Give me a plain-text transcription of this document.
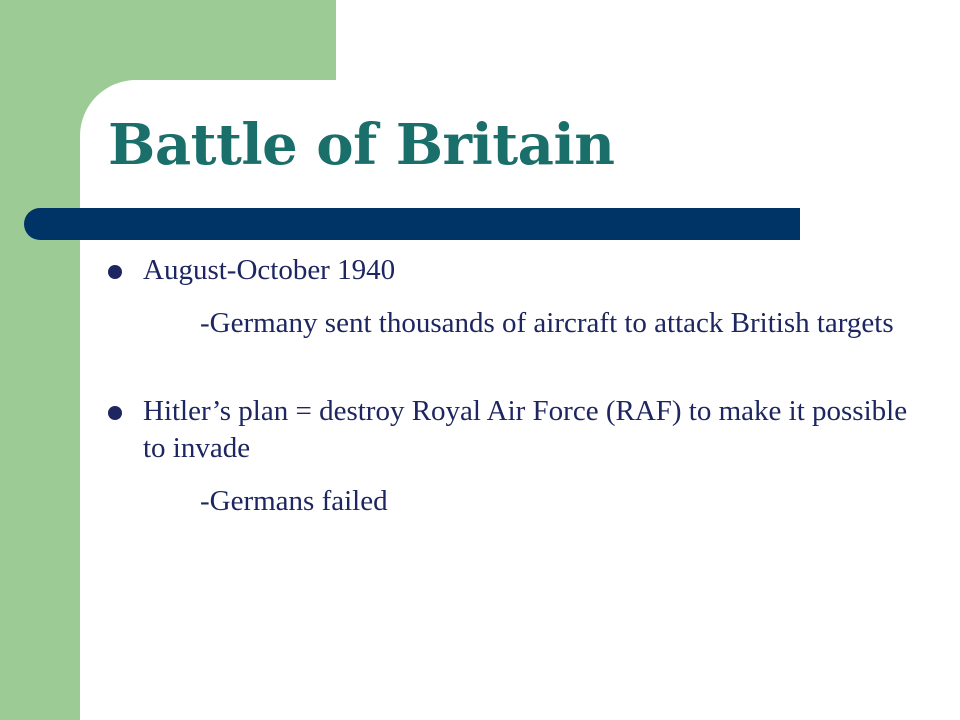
Battle of Britain
August-October 1940
-Germany sent thousands of aircraft to attack British targets
Hitler’s plan = destroy Royal Air Force (RAF) to make it possible to invade
-Germans failed
